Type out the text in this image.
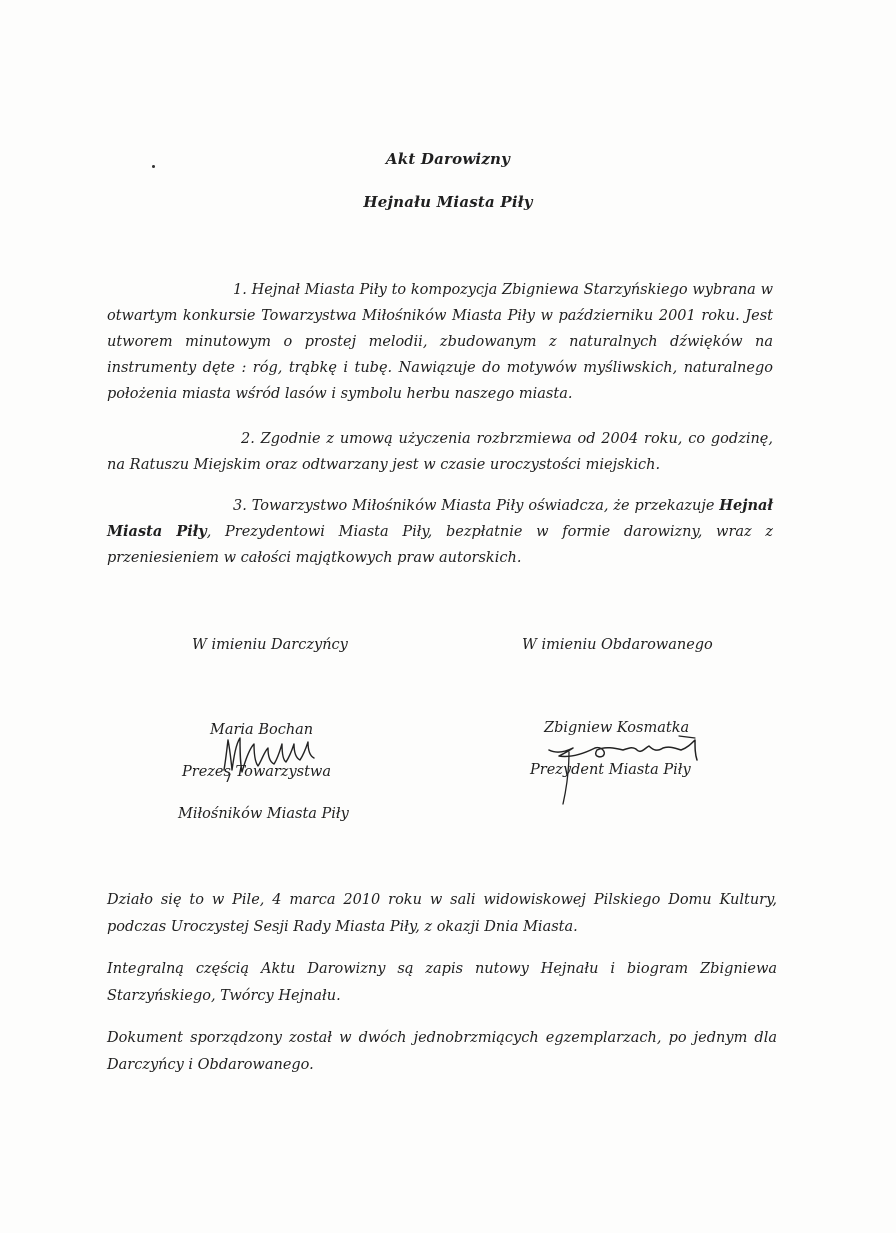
Akt Darowizny
Hejnału Miasta Piły
1. Hejnał Miasta Piły to kompozycja Zbigniewa Starzyńskiego wybrana w otwartym konkursie Towarzystwa Miłośników Miasta Piły w październiku 2001 roku. Jest utworem minutowym o prostej melodii, zbudowanym z naturalnych dźwięków na instrumenty dęte : róg, trąbkę i tubę. Nawiązuje do motywów myśliwskich, naturalnego położenia miasta wśród lasów i symbolu herbu naszego miasta.
2. Zgodnie z umową użyczenia rozbrzmiewa od 2004 roku, co godzinę, na Ratuszu Miejskim oraz odtwarzany jest w czasie uroczystości miejskich.
3. Towarzystwo Miłośników Miasta Piły oświadcza, że przekazuje Hejnał Miasta Piły, Prezydentowi Miasta Piły, bezpłatnie w formie darowizny, wraz z przeniesieniem w całości majątkowych praw autorskich.
W imieniu Darczyńcy	W imieniu Obdarowanego
Maria Bochan
Prezes Towarzystwa
Miłośników Miasta Piły
Zbigniew Kosmatka
Prezydent Miasta Piły
Działo się to w Pile, 4 marca 2010 roku w sali widowiskowej Pilskiego Domu Kultury, podczas Uroczystej Sesji Rady Miasta Piły, z okazji Dnia Miasta.
Integralną częścią Aktu Darowizny są zapis nutowy Hejnału i biogram Zbigniewa Starzyńskiego, Twórcy Hejnału.
Dokument sporządzony został w dwóch jednobrzmiących egzemplarzach, po jednym dla Darczyńcy i Obdarowanego.
